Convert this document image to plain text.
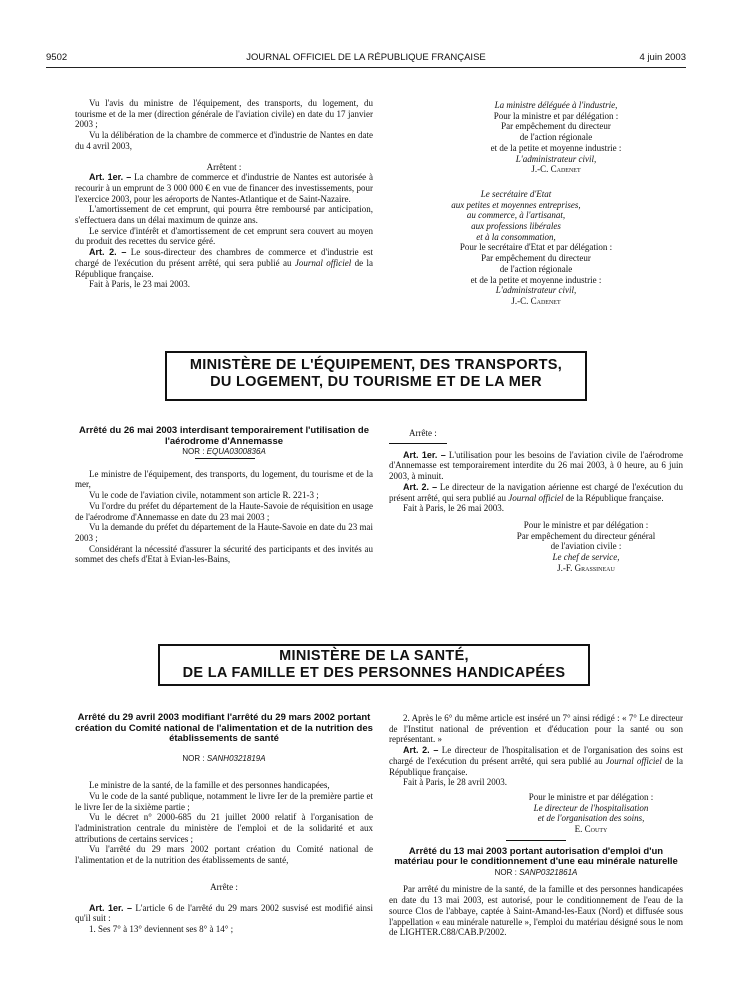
9502	JOURNAL OFFICIEL DE LA RÉPUBLIQUE FRANÇAISE	4 juin 2003

Vu l'avis du ministre de l'équipement, des transports, du logement, du tourisme et de la mer (direction générale de l'aviation civile) en date du 17 janvier 2003 ;

Vu la délibération de la chambre de commerce et d'industrie de Nantes en date du 4 avril 2003,

Arrêtent :

Art. 1er. – La chambre de commerce et d'industrie de Nantes est autorisée à recourir à un emprunt de 3 000 000 € en vue de financer des investissements, pour l'exercice 2003, pour les aéroports de Nantes-Atlantique et de Saint-Nazaire.

L'amortissement de cet emprunt, qui pourra être remboursé par anticipation, s'effectuera dans un délai maximum de quinze ans.

Le service d'intérêt et d'amortissement de cet emprunt sera couvert au moyen du produit des recettes du service géré.

Art. 2. – Le sous-directeur des chambres de commerce et d'industrie est chargé de l'exécution du présent arrêté, qui sera publié au Journal officiel de la République française.

Fait à Paris, le 23 mai 2003.

La ministre déléguée à l'industrie,

Pour la ministre et par délégation :

Par empêchement du directeur

de l'action régionale

et de la petite et moyenne industrie :

L'administrateur civil,

J.-C. Cadenet

Le secrétaire d'Etat

aux petites et moyennes entreprises,

au commerce, à l'artisanat,

aux professions libérales

et à la consommation,

Pour le secrétaire d'Etat et par délégation :

Par empêchement du directeur

de l'action régionale

et de la petite et moyenne industrie :

L'administrateur civil,

J.-C. Cadenet

MINISTÈRE DE L'ÉQUIPEMENT, DES TRANSPORTS,
DU LOGEMENT, DU TOURISME ET DE LA MER

Arrêté du 26 mai 2003 interdisant temporairement l'utilisation de l'aérodrome d'Annemasse

NOR : EQUA0300836A

Le ministre de l'équipement, des transports, du logement, du tourisme et de la mer,

Vu le code de l'aviation civile, notamment son article R. 221-3 ;

Vu l'ordre du préfet du département de la Haute-Savoie de réquisition en usage de l'aérodrome d'Annemasse en date du 23 mai 2003 ;

Vu la demande du préfet du département de la Haute-Savoie en date du 23 mai 2003 ;

Considérant la nécessité d'assurer la sécurité des participants et des invités au sommet des chefs d'Etat à Evian-les-Bains,

Arrête :

Art. 1er. – L'utilisation pour les besoins de l'aviation civile de l'aérodrome d'Annemasse est temporairement interdite du 26 mai 2003, à 0 heure, au 6 juin 2003, à minuit.

Art. 2. – Le directeur de la navigation aérienne est chargé de l'exécution du présent arrêté, qui sera publié au Journal officiel de la République française.

Fait à Paris, le 26 mai 2003.

Pour le ministre et par délégation :

Par empêchement du directeur général

de l'aviation civile :

Le chef de service,

J.-F. Grassineau

MINISTÈRE DE LA SANTÉ,
DE LA FAMILLE ET DES PERSONNES HANDICAPÉES

Arrêté du 29 avril 2003 modifiant l'arrêté du 29 mars 2002 portant création du Comité national de l'alimentation et de la nutrition des établissements de santé

NOR : SANH0321819A

Le ministre de la santé, de la famille et des personnes handicapées,

Vu le code de la santé publique, notamment le livre Ier de la première partie et le livre Ier de la sixième partie ;

Vu le décret n° 2000-685 du 21 juillet 2000 relatif à l'organisation de l'administration centrale du ministère de l'emploi et de la solidarité et aux attributions de certains services ;

Vu l'arrêté du 29 mars 2002 portant création du Comité national de l'alimentation et de la nutrition des établissements de santé,

Arrête :

Art. 1er. – L'article 6 de l'arrêté du 29 mars 2002 susvisé est modifié ainsi qu'il suit :

1. Ses 7° à 13° deviennent ses 8° à 14° ;

2. Après le 6° du même article est inséré un 7° ainsi rédigé : « 7° Le directeur de l'Institut national de prévention et d'éducation pour la santé ou son représentant. »

Art. 2. – Le directeur de l'hospitalisation et de l'organisation des soins est chargé de l'exécution du présent arrêté, qui sera publié au Journal officiel de la République française.

Fait à Paris, le 28 avril 2003.

Pour le ministre et par délégation :

Le directeur de l'hospitalisation

et de l'organisation des soins,

E. Couty

Arrêté du 13 mai 2003 portant autorisation d'emploi d'un matériau pour le conditionnement d'une eau minérale naturelle

NOR : SANP0321861A

Par arrêté du ministre de la santé, de la famille et des personnes handicapées en date du 13 mai 2003, est autorisé, pour le conditionnement de l'eau de la source Clos de l'abbaye, captée à Saint-Amand-les-Eaux (Nord) et diffusée sous l'appellation « eau minérale naturelle », l'emploi du matériau désigné sous le nom de LIGHTER.C88/CAB.P/2002.
